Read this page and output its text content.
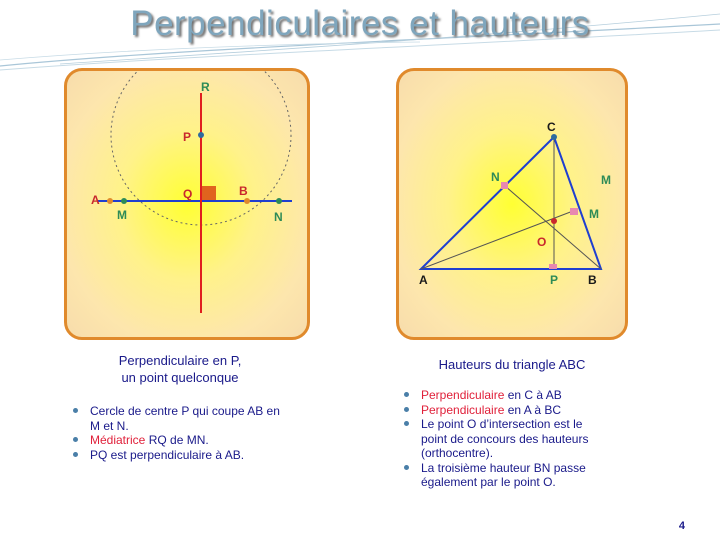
Perpendiculaires et hauteurs
R
P
Q
A
B
M	N
C
N	M
M
O
A	P B
Perpendiculaire en P,
un point quelconque
Cercle de centre P qui coupe AB en M et N.
Médiatrice RQ de MN.
PQ est perpendiculaire à AB.
Hauteurs du triangle ABC
Perpendiculaire en C à AB
Perpendiculaire en A à BC
Le point O d’intersection est le point de concours des hauteurs (orthocentre).
La troisième hauteur BN passe également par le point O.
4
